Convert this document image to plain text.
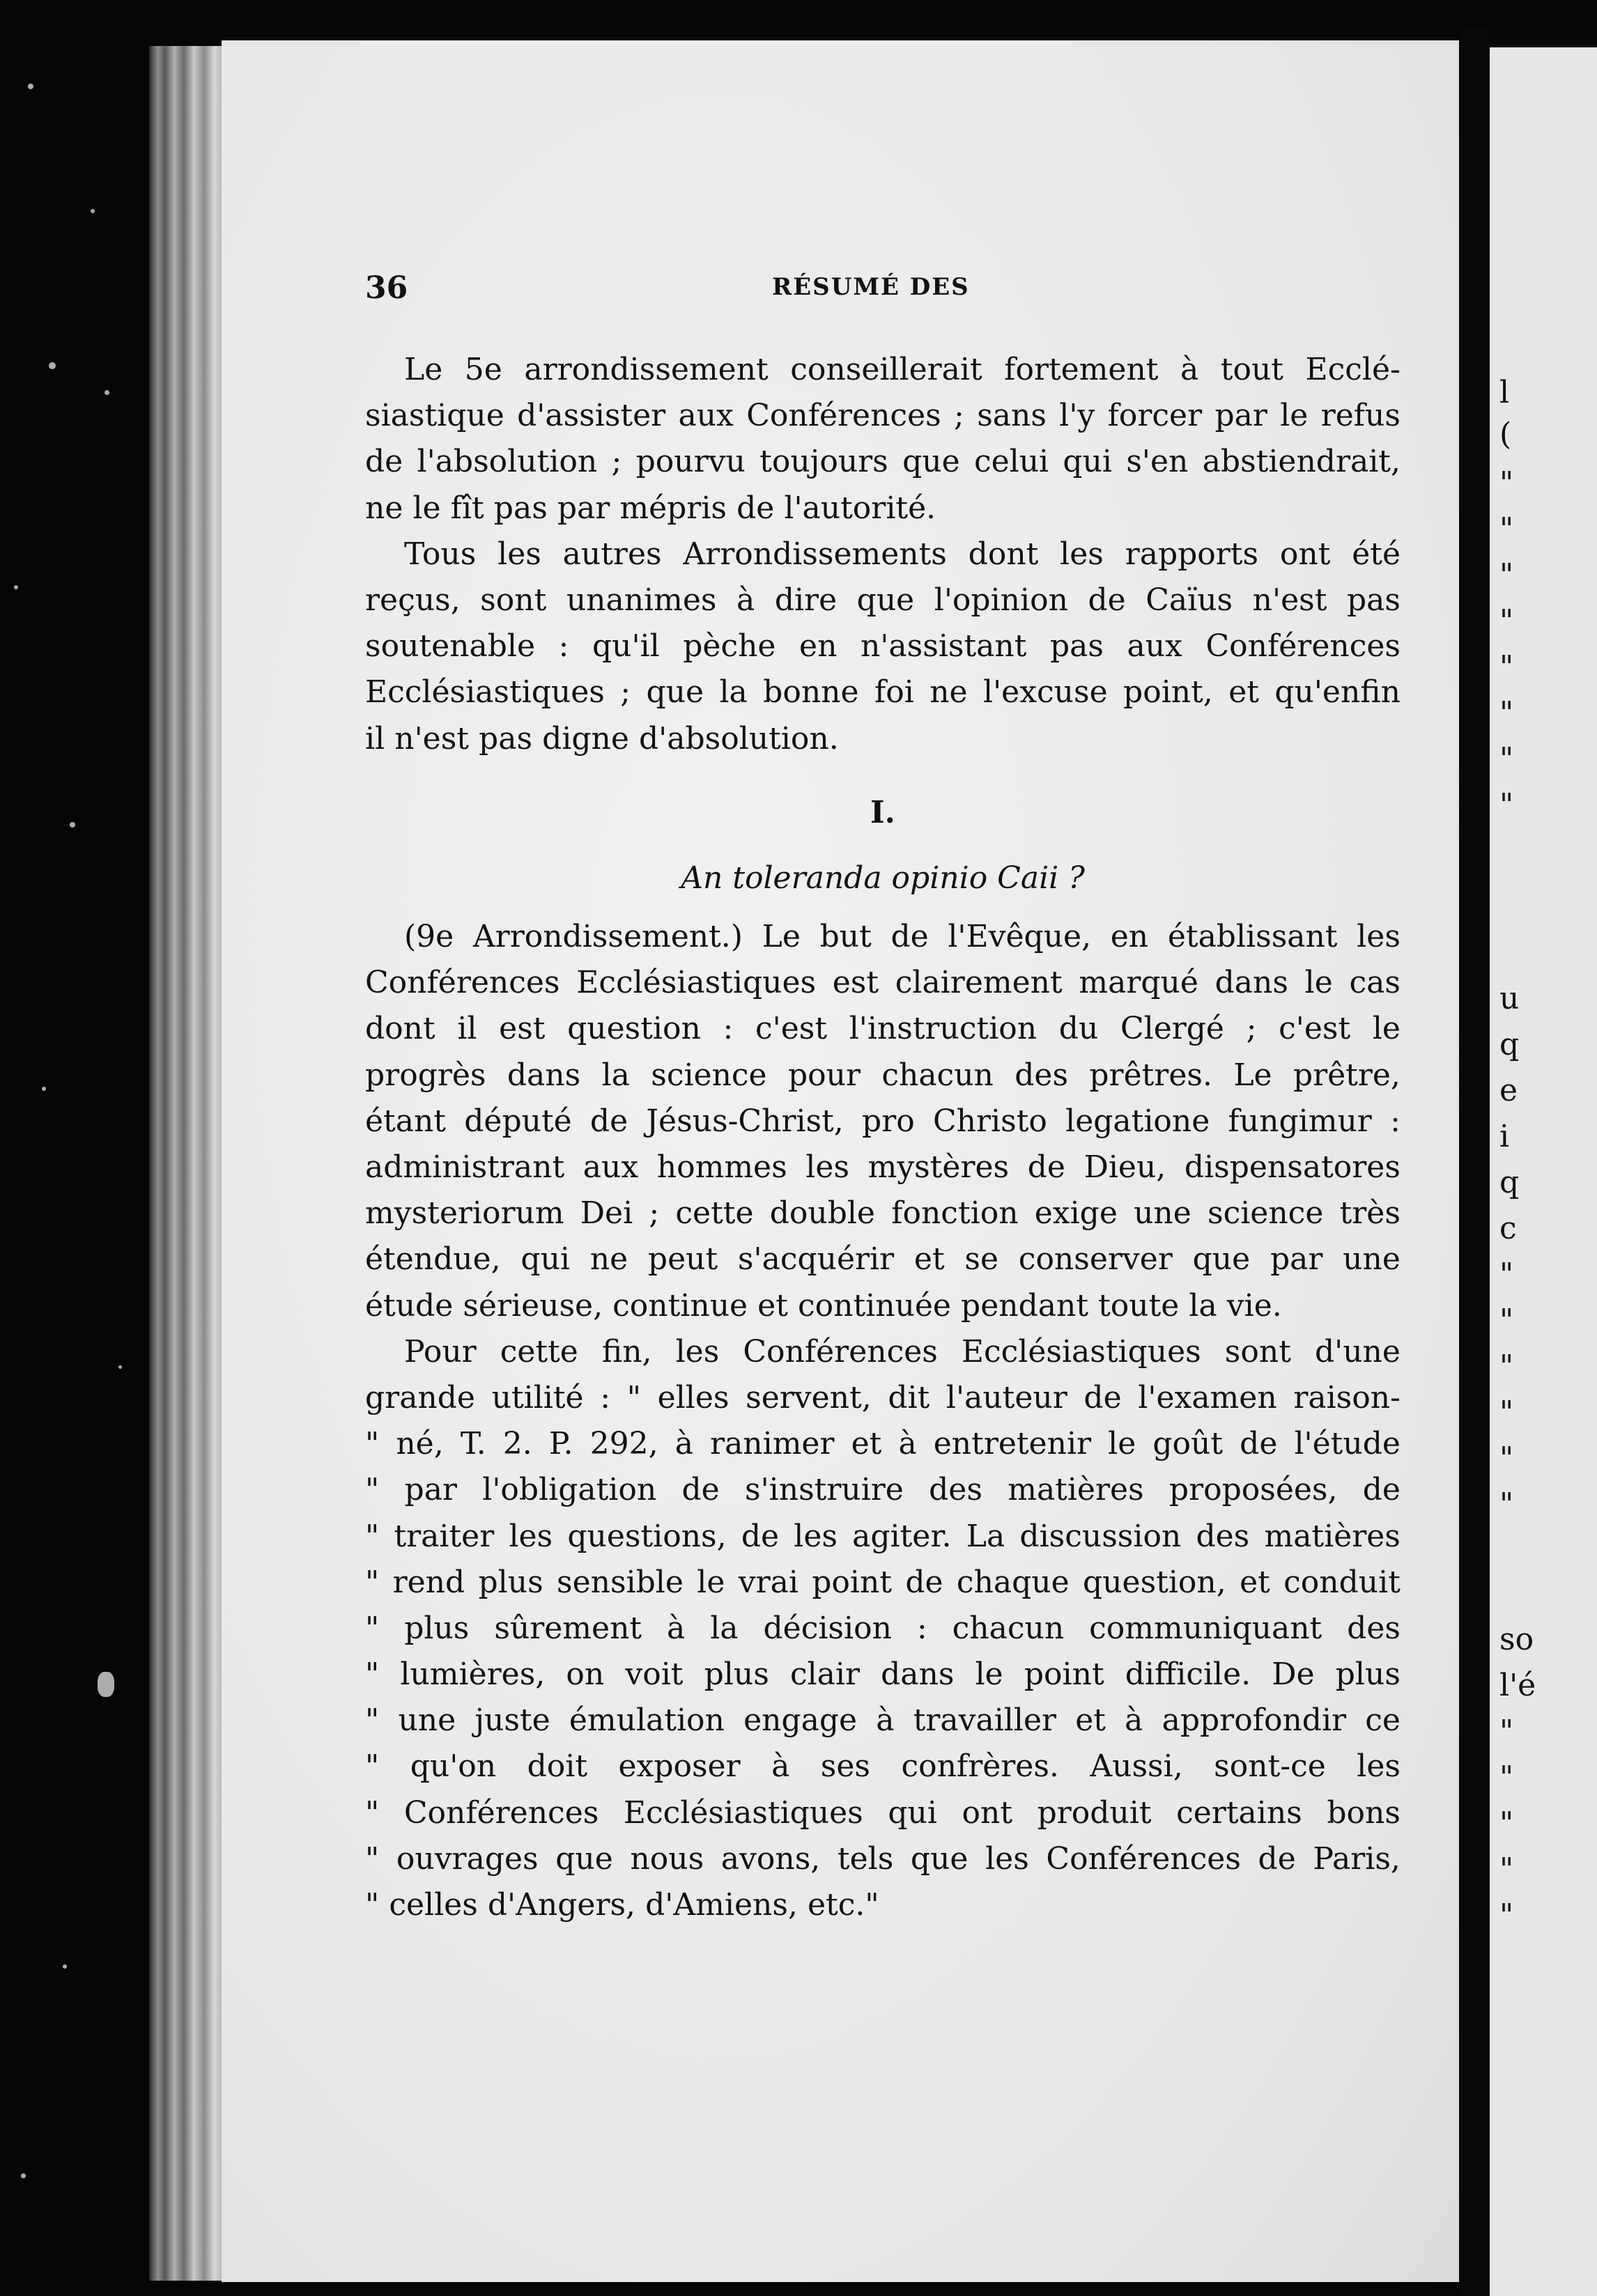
36	RÉSUMÉ DES
Le 5e arrondissement conseillerait fortement à tout Ecclé-
siastique d'assister aux Conférences ; sans l'y forcer par le refus
de l'absolution ; pourvu toujours que celui qui s'en abstiendrait,
ne le fît pas par mépris de l'autorité.
Tous les autres Arrondissements dont les rapports ont été
reçus, sont unanimes à dire que l'opinion de Caïus n'est pas
soutenable : qu'il pèche en n'assistant pas aux Conférences
Ecclésiastiques ; que la bonne foi ne l'excuse point, et qu'enfin
il n'est pas digne d'absolution.
I.
An toleranda opinio Caii ?
(9e Arrondissement.) Le but de l'Evêque, en établissant les
Conférences Ecclésiastiques est clairement marqué dans le cas
dont il est question : c'est l'instruction du Clergé ; c'est le
progrès dans la science pour chacun des prêtres. Le prêtre,
étant député de Jésus-Christ, pro Christo legatione fungimur :
administrant aux hommes les mystères de Dieu, dispensatores
mysteriorum Dei ; cette double fonction exige une science très
étendue, qui ne peut s'acquérir et se conserver que par une
étude sérieuse, continue et continuée pendant toute la vie.
Pour cette fin, les Conférences Ecclésiastiques sont d'une
grande utilité : " elles servent, dit l'auteur de l'examen raison-
" né, T. 2. P. 292, à ranimer et à entretenir le goût de l'étude
" par l'obligation de s'instruire des matières proposées, de
" traiter les questions, de les agiter. La discussion des matières
" rend plus sensible le vrai point de chaque question, et conduit
" plus sûrement à la décision : chacun communiquant des
" lumières, on voit plus clair dans le point difficile. De plus
" une juste émulation engage à travailler et à approfondir ce
" qu'on doit exposer à ses confrères. Aussi, sont-ce les
" Conférences Ecclésiastiques qui ont produit certains bons
" ouvrages que nous avons, tels que les Conférences de Paris,
" celles d'Angers, d'Amiens, etc."
l
(
"
"
"
"
"
"
"
"
u
q
e
i
q
c
"
"
"
"
"
"
so
l'é
"
"
"
"
"
